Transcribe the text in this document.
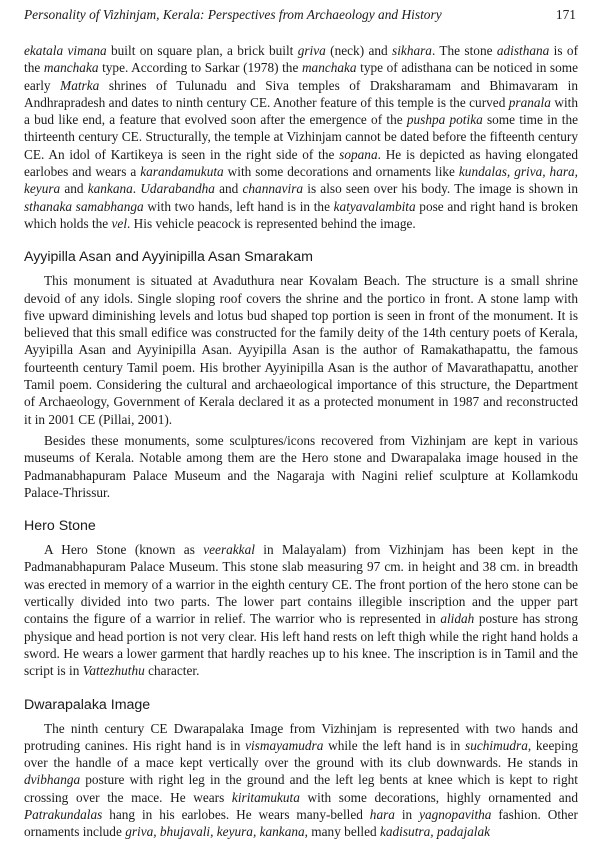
Personality of Vizhinjam, Kerala: Perspectives from Archaeology and History	171

ekatala vimana built on square plan, a brick built griva (neck) and sikhara. The stone adisthana is of the manchaka type. According to Sarkar (1978) the manchaka type of adisthana can be noticed in some early Matrka shrines of Tulunadu and Siva temples of Draksharamam and Bhimavaram in Andhrapradesh and dates to ninth century CE. Another feature of this temple is the curved pranala with a bud like end, a feature that evolved soon after the emergence of the pushpa potika some time in the thirteenth century CE. Structurally, the temple at Vizhinjam cannot be dated before the fifteenth century CE. An idol of Kartikeya is seen in the right side of the sopana. He is depicted as having elongated earlobes and wears a karandamukuta with some decorations and ornaments like kundalas, griva, hara, keyura and kankana. Udarabandha and channavira is also seen over his body. The image is shown in sthanaka samabhanga with two hands, left hand is in the katyavalambita pose and right hand is broken which holds the vel. His vehicle peacock is represented behind the image.

Ayyipilla Asan and Ayyinipilla Asan Smarakam

This monument is situated at Avaduthura near Kovalam Beach. The structure is a small shrine devoid of any idols. Single sloping roof covers the shrine and the portico in front. A stone lamp with five upward diminishing levels and lotus bud shaped top portion is seen in front of the monument. It is believed that this small edifice was constructed for the family deity of the 14th century poets of Kerala, Ayyipilla Asan and Ayyinipilla Asan. Ayyipilla Asan is the author of Ramakathapattu, the famous fourteenth century Tamil poem. His brother Ayyinipilla Asan is the author of Mavarathapattu, another Tamil poem. Considering the cultural and archaeological importance of this structure, the Department of Archaeology, Government of Kerala declared it as a protected monument in 1987 and reconstructed it in 2001 CE (Pillai, 2001).

Besides these monuments, some sculptures/icons recovered from Vizhinjam are kept in various museums of Kerala. Notable among them are the Hero stone and Dwarapalaka image housed in the Padmanabhapuram Palace Museum and the Nagaraja with Nagini relief sculpture at Kollamkodu Palace-Thrissur.

Hero Stone

A Hero Stone (known as veerakkal in Malayalam) from Vizhinjam has been kept in the Padmanabhapuram Palace Museum. This stone slab measuring 97 cm. in height and 38 cm. in breadth was erected in memory of a warrior in the eighth century CE. The front portion of the hero stone can be vertically divided into two parts. The lower part contains illegible inscription and the upper part contains the figure of a warrior in relief. The warrior who is represented in alidah posture has strong physique and head portion is not very clear. His left hand rests on left thigh while the right hand holds a sword. He wears a lower garment that hardly reaches up to his knee. The inscription is in Tamil and the script is in Vattezhuthu character.

Dwarapalaka Image

The ninth century CE Dwarapalaka Image from Vizhinjam is represented with two hands and protruding canines. His right hand is in vismayamudra while the left hand is in suchimudra, keeping over the handle of a mace kept vertically over the ground with its club downwards. He stands in dvibhanga posture with right leg in the ground and the left leg bents at knee which is kept to right crossing over the mace. He wears kiritamukuta with some decorations, highly ornamented and Patrakundalas hang in his earlobes. He wears many-belled hara in yagnopavitha fashion. Other ornaments include griva, bhujavali, keyura, kankana, many belled kadisutra, padajalak
